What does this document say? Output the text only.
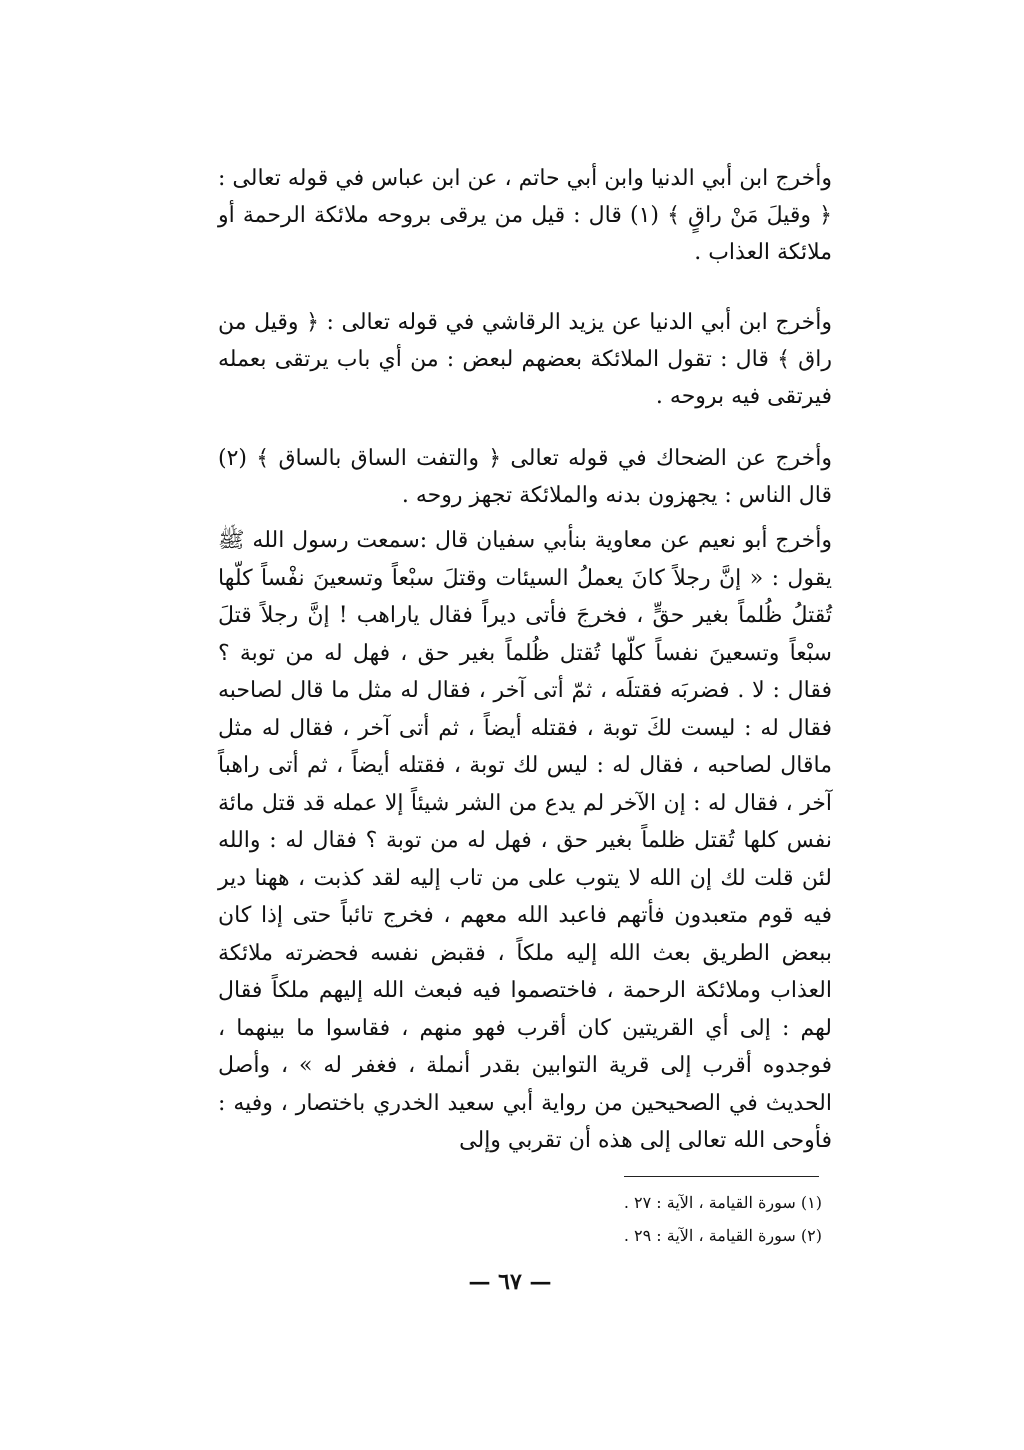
وأخرج ابن أبي الدنيا وابن أبي حاتم ، عن ابن عباس في قوله تعالى : ﴿ وقيلَ مَنْ راقٍ ﴾ (١) قال : قيل من يرقى بروحه ملائكة الرحمة أو ملائكة العذاب .

وأخرج ابن أبي الدنيا عن يزيد الرقاشي في قوله تعالى : ﴿ وقيل من راق ﴾ قال : تقول الملائكة بعضهم لبعض : من أي باب يرتقى بعمله فيرتقى فيه بروحه .

وأخرج عن الضحاك في قوله تعالى ﴿ والتفت الساق بالساق ﴾ (٢) قال الناس : يجهزون بدنه والملائكة تجهز روحه .

وأخرج أبو نعيم عن معاوية بنأبي سفيان قال :سمعت رسول الله ﷺ يقول : « إنَّ رجلاً كانَ يعملُ السيئات وقتلَ سبْعاً وتسعينَ نفْساً كلّها تُقتلُ ظُلماً بغير حقٍّ ، فخرجَ فأتى ديراً فقال ياراهب ! إنَّ رجلاً قتلَ سبْعاً وتسعينَ نفساً كلّها تُقتل ظُلماً بغير حق ، فهل له من توبة ؟ فقال : لا . فضربَه فقتلَه ، ثمّ أتى آخر ، فقال له مثل ما قال لصاحبه فقال له : ليست لكَ توبة ، فقتله أيضاً ، ثم أتى آخر ، فقال له مثل ماقال لصاحبه ، فقال له : ليس لك توبة ، فقتله أيضاً ، ثم أتى راهباً آخر ، فقال له : إن الآخر لم يدع من الشر شيئاً إلا عمله قد قتل مائة نفس كلها تُقتل ظلماً بغير حق ، فهل له من توبة ؟ فقال له : والله لئن قلت لك إن الله لا يتوب على من تاب إليه لقد كذبت ، ههنا دير فيه قوم متعبدون فأتهم فاعبد الله معهم ، فخرج تائباً حتى إذا كان ببعض الطريق بعث الله إليه ملكاً ، فقبض نفسه فحضرته ملائكة العذاب وملائكة الرحمة ، فاختصموا فيه فبعث الله إليهم ملكاً فقال لهم : إلى أي القريتين كان أقرب فهو منهم ، فقاسوا ما بينهما ، فوجدوه أقرب إلى قرية التوابين بقدر أنملة ، فغفر له » ، وأصل الحديث في الصحيحين من رواية أبي سعيد الخدري باختصار ، وفيه : فأوحى الله تعالى إلى هذه أن تقربي وإلى

(١) سورة القيامة ، الآية : ٢٧ .

(٢) سورة القيامة ، الآية : ٢٩ .

— ٦٧ —
